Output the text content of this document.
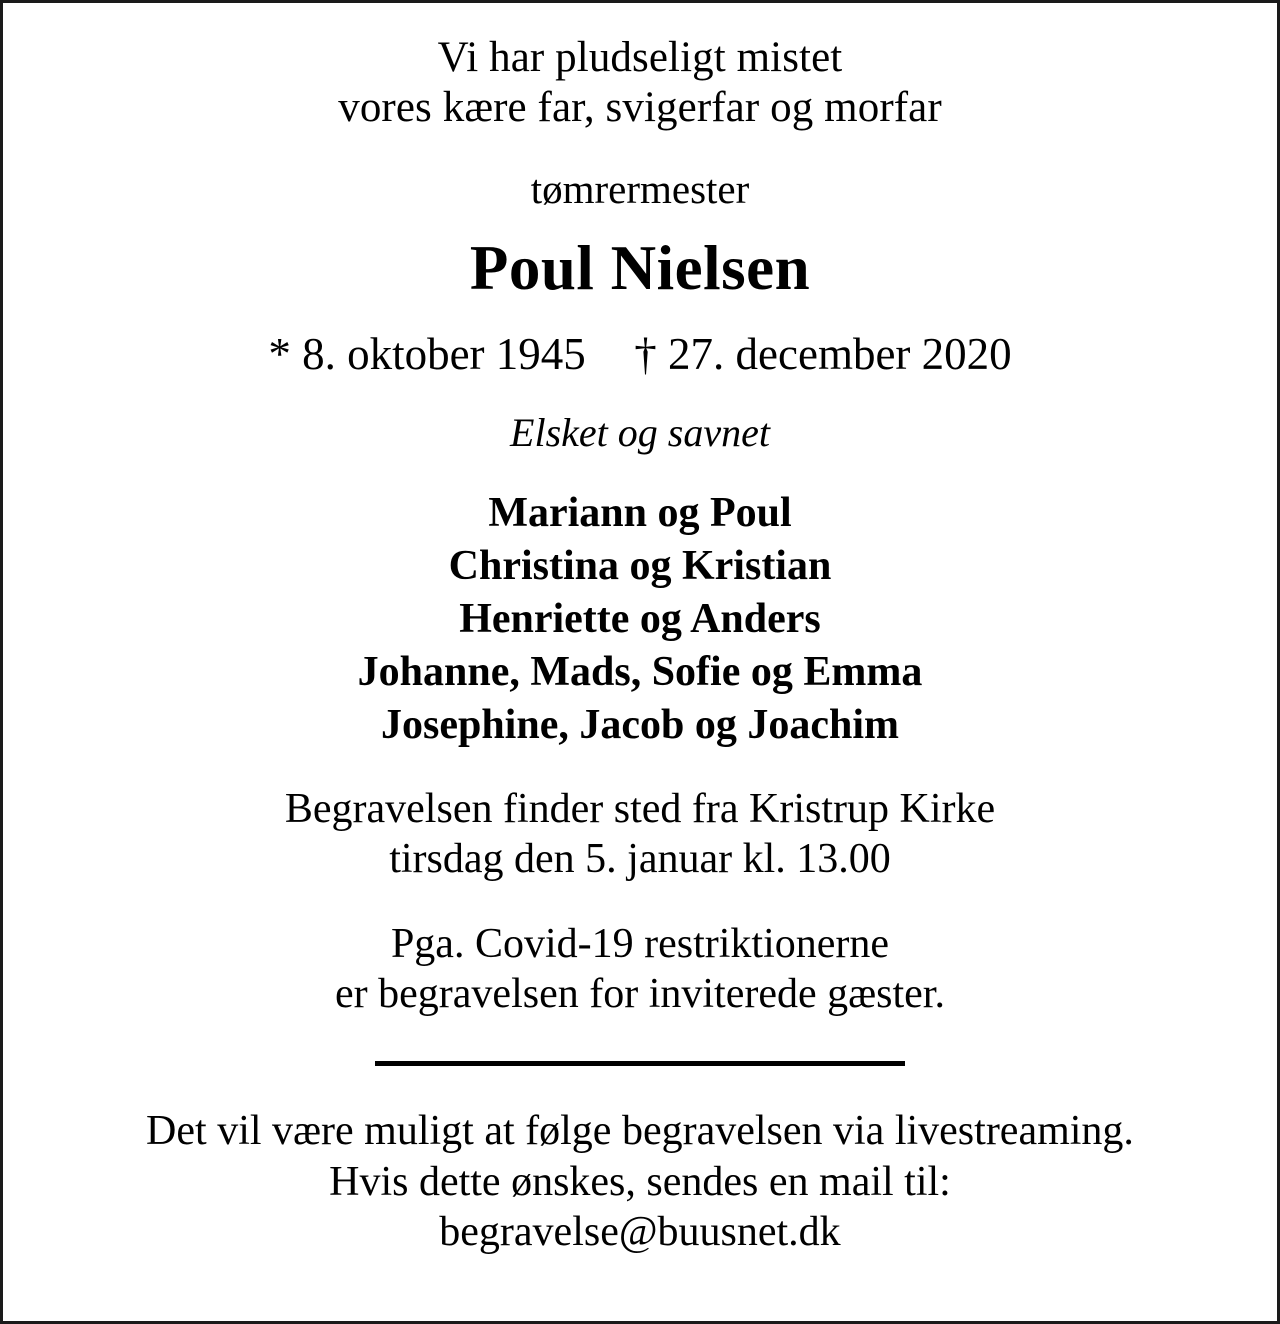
Vi har pludseligt mistet
vores kære far, svigerfar og morfar
tømrermester
Poul Nielsen
* 8. oktober 1945 † 27. december 2020
Elsket og savnet
Mariann og Poul
Christina og Kristian
Henriette og Anders
Johanne, Mads, Sofie og Emma
Josephine, Jacob og Joachim
Begravelsen finder sted fra Kristrup Kirke
tirsdag den 5. januar kl. 13.00
Pga. Covid-19 restriktionerne
er begravelsen for inviterede gæster.
Det vil være muligt at følge begravelsen via livestreaming.
Hvis dette ønskes, sendes en mail til:
begravelse@buusnet.dk
